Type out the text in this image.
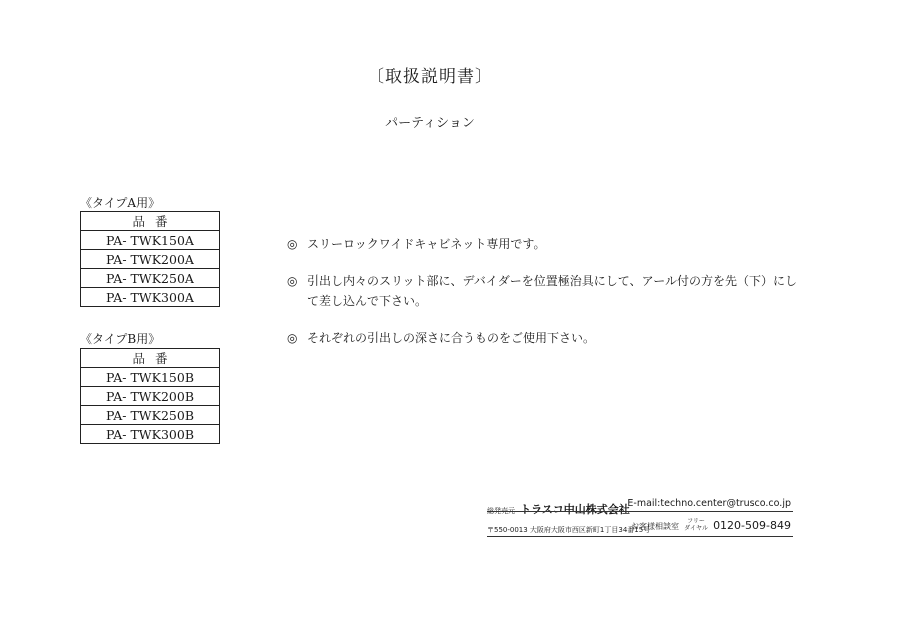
〔取扱説明書〕
パーティション
《タイプA用》
品番
PA- TWK150A
PA- TWK200A
PA- TWK250A
PA- TWK300A
《タイプB用》
品番
PA- TWK150B
PA- TWK200B
PA- TWK250B
PA- TWK300B

◎ スリーロックワイドキャビネット専用です。

◎ 引出し内々のスリット部に、デバイダーを位置極治具にして、アール付の方を先（下）にして差し込んで下さい。

◎ それぞれの引出しの深さに合うものをご使用下さい。

総発売元 トラスコ中山株式会社
E-mail:techno.center@trusco.co.jp
〒550-0013 大阪府大阪市西区新町1丁目34番15号
お客様相談室 フリー
ダイヤル 0120-509-849
